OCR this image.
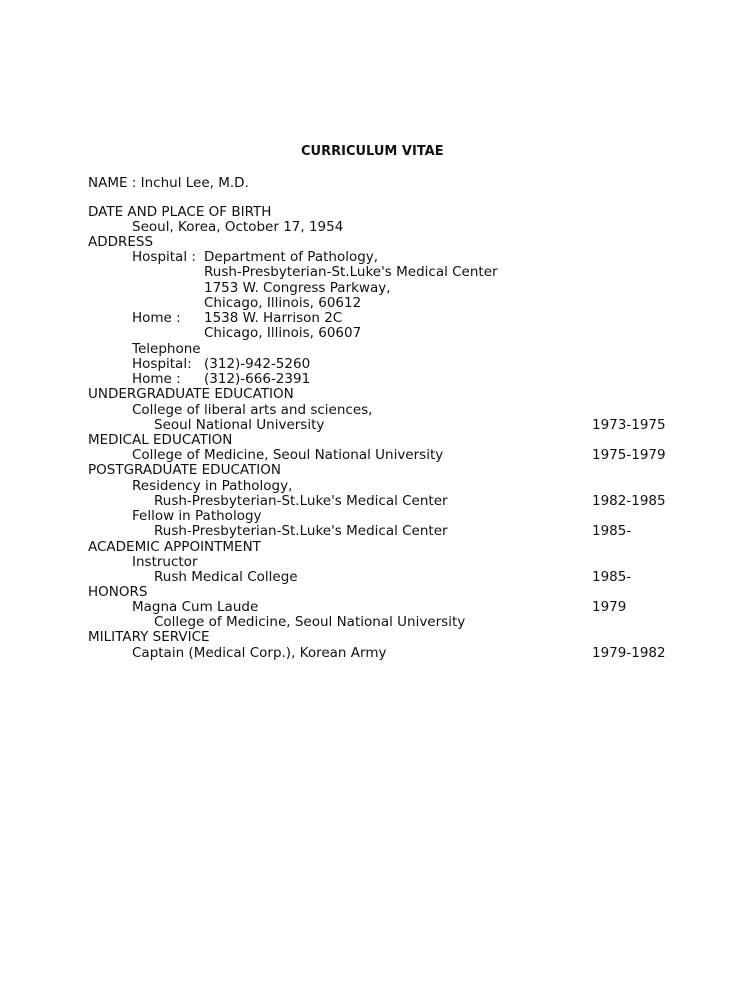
CURRICULUM VITAE
NAME : Inchul Lee, M.D.
DATE AND PLACE OF BIRTH
Seoul, Korea, October 17, 1954
ADDRESS
Hospital : Department of Pathology,
Rush-Presbyterian-St.Luke's Medical Center
1753 W. Congress Parkway,
Chicago, Illinois, 60612
Home : 1538 W. Harrison 2C
Chicago, Illinois, 60607
Telephone
Hospital: (312)-942-5260
Home : (312)-666-2391
UNDERGRADUATE EDUCATION
College of liberal arts and sciences,
Seoul National University	1973-1975
MEDICAL EDUCATION
College of Medicine, Seoul National University	1975-1979
POSTGRADUATE EDUCATION
Residency in Pathology,
Rush-Presbyterian-St.Luke's Medical Center	1982-1985
Fellow in Pathology
Rush-Presbyterian-St.Luke's Medical Center	1985-
ACADEMIC APPOINTMENT
Instructor
Rush Medical College	1985-
HONORS
Magna Cum Laude	1979
College of Medicine, Seoul National University
MILITARY SERVICE
Captain (Medical Corp.), Korean Army	1979-1982
